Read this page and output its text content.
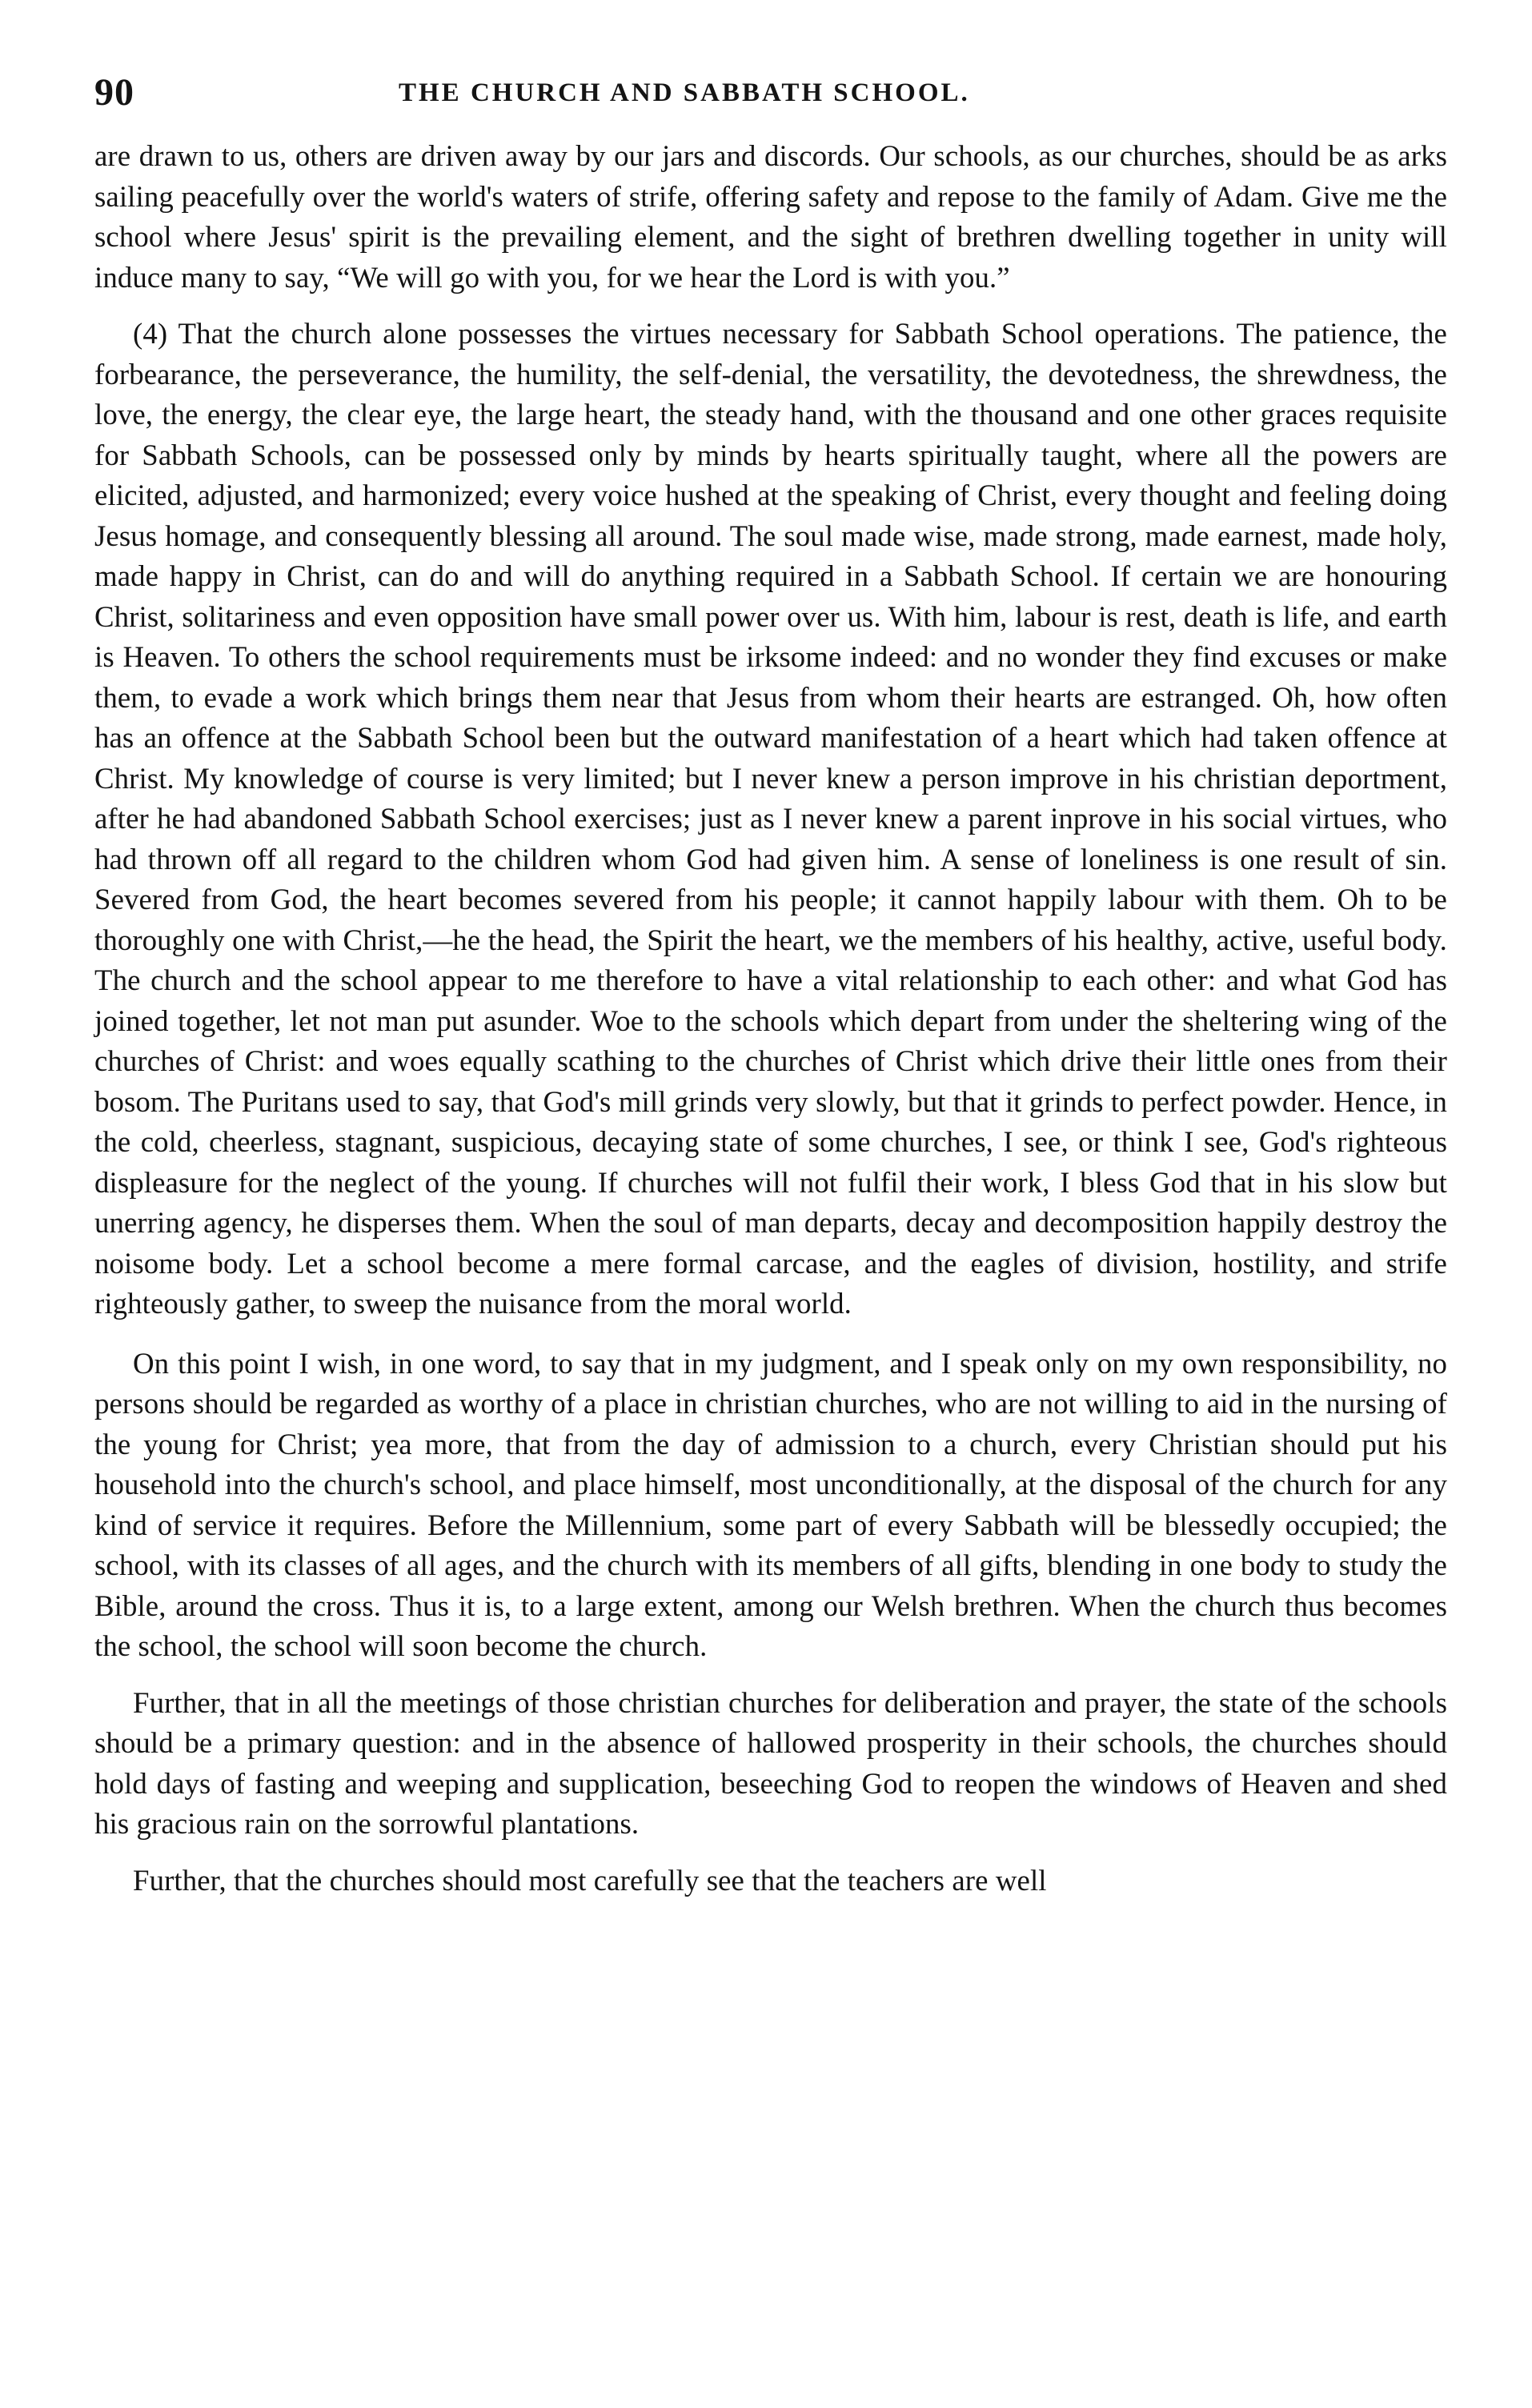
90	THE CHURCH AND SABBATH SCHOOL.

are drawn to us, others are driven away by our jars and discords. Our schools, as our churches, should be as arks sailing peacefully over the world's waters of strife, offering safety and repose to the family of Adam. Give me the school where Jesus' spirit is the prevailing element, and the sight of brethren dwelling together in unity will induce many to say, “We will go with you, for we hear the Lord is with you.”

(4) That the church alone possesses the virtues necessary for Sabbath School operations. The patience, the forbearance, the perseverance, the humility, the self-denial, the versatility, the devotedness, the shrewdness, the love, the energy, the clear eye, the large heart, the steady hand, with the thousand and one other graces requisite for Sabbath Schools, can be possessed only by minds by hearts spiritually taught, where all the powers are elicited, adjusted, and harmonized; every voice hushed at the speaking of Christ, every thought and feeling doing Jesus homage, and consequently blessing all around. The soul made wise, made strong, made earnest, made holy, made happy in Christ, can do and will do anything required in a Sabbath School. If certain we are honouring Christ, solitariness and even opposition have small power over us. With him, labour is rest, death is life, and earth is Heaven. To others the school requirements must be irksome indeed: and no wonder they find excuses or make them, to evade a work which brings them near that Jesus from whom their hearts are estranged. Oh, how often has an offence at the Sabbath School been but the outward manifestation of a heart which had taken offence at Christ. My knowledge of course is very limited; but I never knew a person improve in his christian deportment, after he had abandoned Sabbath School exercises; just as I never knew a parent inprove in his social virtues, who had thrown off all regard to the children whom God had given him. A sense of loneliness is one result of sin. Severed from God, the heart becomes severed from his people; it cannot happily labour with them. Oh to be thoroughly one with Christ,—he the head, the Spirit the heart, we the members of his healthy, active, useful body. The church and the school appear to me therefore to have a vital relationship to each other: and what God has joined together, let not man put asunder. Woe to the schools which depart from under the sheltering wing of the churches of Christ: and woes equally scathing to the churches of Christ which drive their little ones from their bosom. The Puritans used to say, that God's mill grinds very slowly, but that it grinds to perfect powder. Hence, in the cold, cheerless, stagnant, suspicious, decaying state of some churches, I see, or think I see, God's righteous displeasure for the neglect of the young. If churches will not fulfil their work, I bless God that in his slow but unerring agency, he disperses them. When the soul of man departs, decay and decomposition happily destroy the noisome body. Let a school become a mere formal carcase, and the eagles of division, hostility, and strife righteously gather, to sweep the nuisance from the moral world.

On this point I wish, in one word, to say that in my judgment, and I speak only on my own responsibility, no persons should be regarded as worthy of a place in christian churches, who are not willing to aid in the nursing of the young for Christ; yea more, that from the day of admission to a church, every Christian should put his household into the church's school, and place himself, most unconditionally, at the disposal of the church for any kind of service it requires. Before the Millennium, some part of every Sabbath will be blessedly occupied; the school, with its classes of all ages, and the church with its members of all gifts, blending in one body to study the Bible, around the cross. Thus it is, to a large extent, among our Welsh brethren. When the church thus becomes the school, the school will soon become the church.

Further, that in all the meetings of those christian churches for deliberation and prayer, the state of the schools should be a primary question: and in the absence of hallowed prosperity in their schools, the churches should hold days of fasting and weeping and supplication, beseeching God to reopen the windows of Heaven and shed his gracious rain on the sorrowful plantations.

Further, that the churches should most carefully see that the teachers are well
